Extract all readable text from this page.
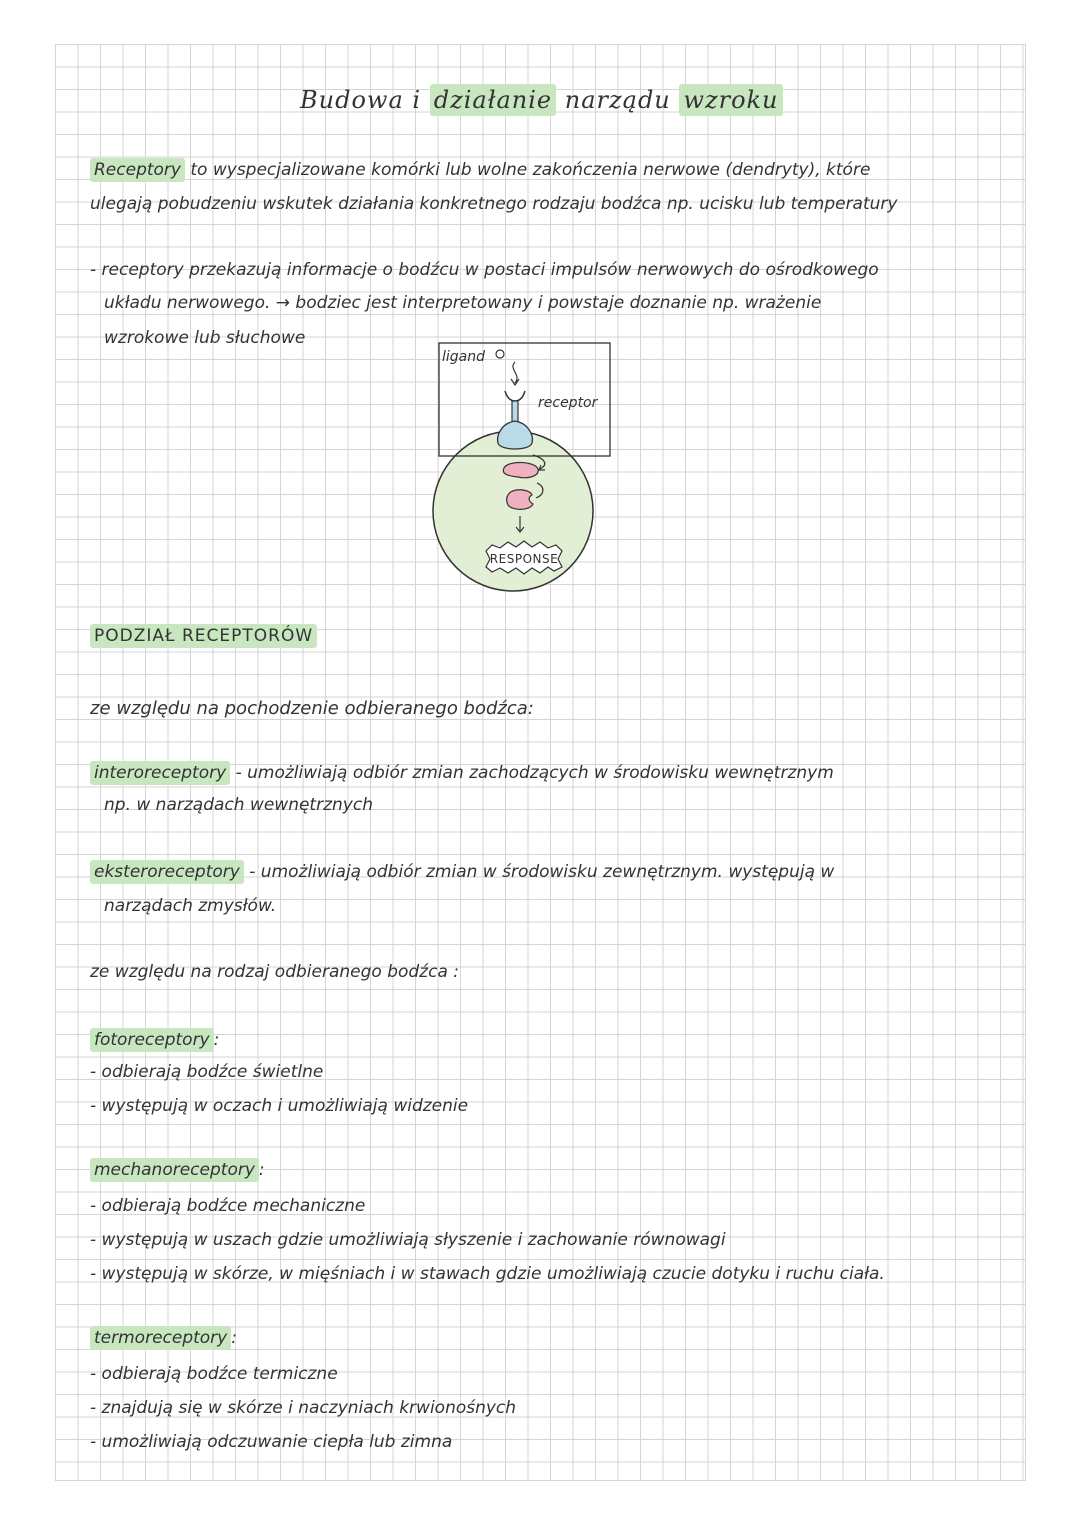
Budowa i działanie narządu wzroku
Receptory to wyspecjalizowane komórki lub wolne zakończenia nerwowe (dendryty), które
ulegają pobudzeniu wskutek działania konkretnego rodzaju bodźca np. ucisku lub temperatury
- receptory przekazują informacje o bodźcu w postaci impulsów nerwowych do ośrodkowego
układu nerwowego. → bodziec jest interpretowany i powstaje doznanie np. wrażenie
wzrokowe lub słuchowe
ligand
receptor
RESPONSE
PODZIAŁ RECEPTORÓW
ze względu na pochodzenie odbieranego bodźca:
interoreceptory - umożliwiają odbiór zmian zachodzących w środowisku wewnętrznym
np. w narządach wewnętrznych
eksteroreceptory - umożliwiają odbiór zmian w środowisku zewnętrznym. występują w
narządach zmysłów.
ze względu na rodzaj odbieranego bodźca :
fotoreceptory :
- odbierają bodźce świetlne
- występują w oczach i umożliwiają widzenie
mechanoreceptory :
- odbierają bodźce mechaniczne
- występują w uszach gdzie umożliwiają słyszenie i zachowanie równowagi
- występują w skórze, w mięśniach i w stawach gdzie umożliwiają czucie dotyku i ruchu ciała.
termoreceptory :
- odbierają bodźce termiczne
- znajdują się w skórze i naczyniach krwionośnych
- umożliwiają odczuwanie ciepła lub zimna
